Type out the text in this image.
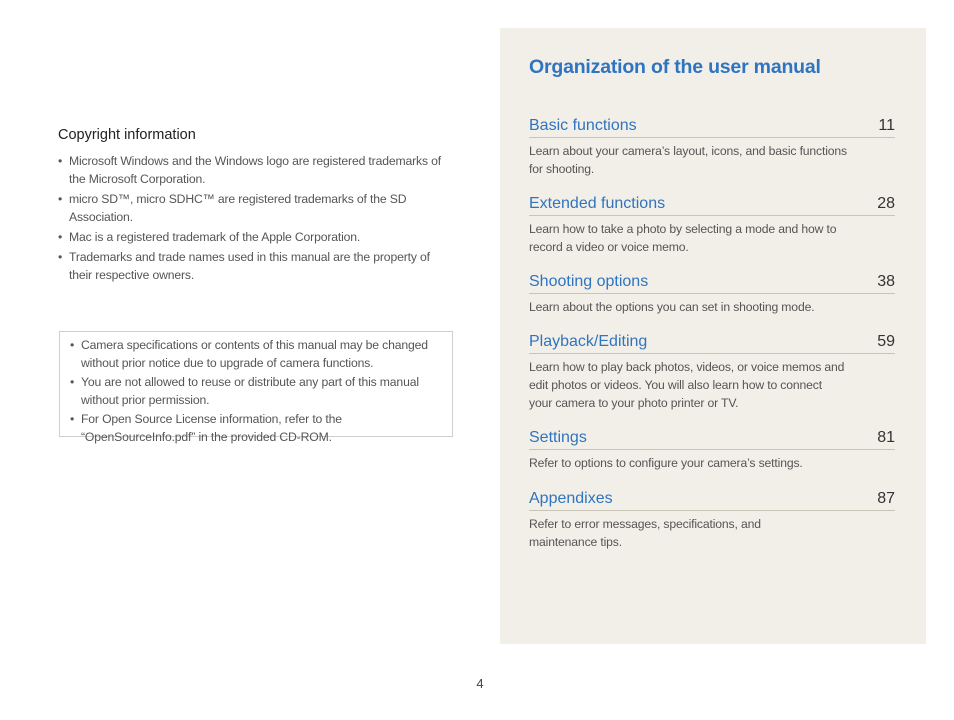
Copyright information
• Microsoft Windows and the Windows logo are registered trademarks of the Microsoft Corporation.
• micro SD™, micro SDHC™ are registered trademarks of the SD Association.
• Mac is a registered trademark of the Apple Corporation.
• Trademarks and trade names used in this manual are the property of their respective owners.
• Camera specifications or contents of this manual may be changed without prior notice due to upgrade of camera functions.
• You are not allowed to reuse or distribute any part of this manual without prior permission.
• For Open Source License information, refer to the “OpenSourceInfo.pdf” in the provided CD-ROM.
Organization of the user manual
Basic functions	11
Learn about your camera’s layout, icons, and basic functions for shooting.
Extended functions	28
Learn how to take a photo by selecting a mode and how to record a video or voice memo.
Shooting options	38
Learn about the options you can set in shooting mode.
Playback/Editing	59
Learn how to play back photos, videos, or voice memos and edit photos or videos. You will also learn how to connect your camera to your photo printer or TV.
Settings	81
Refer to options to configure your camera’s settings.
Appendixes	87
Refer to error messages, specifications, and maintenance tips.
4
